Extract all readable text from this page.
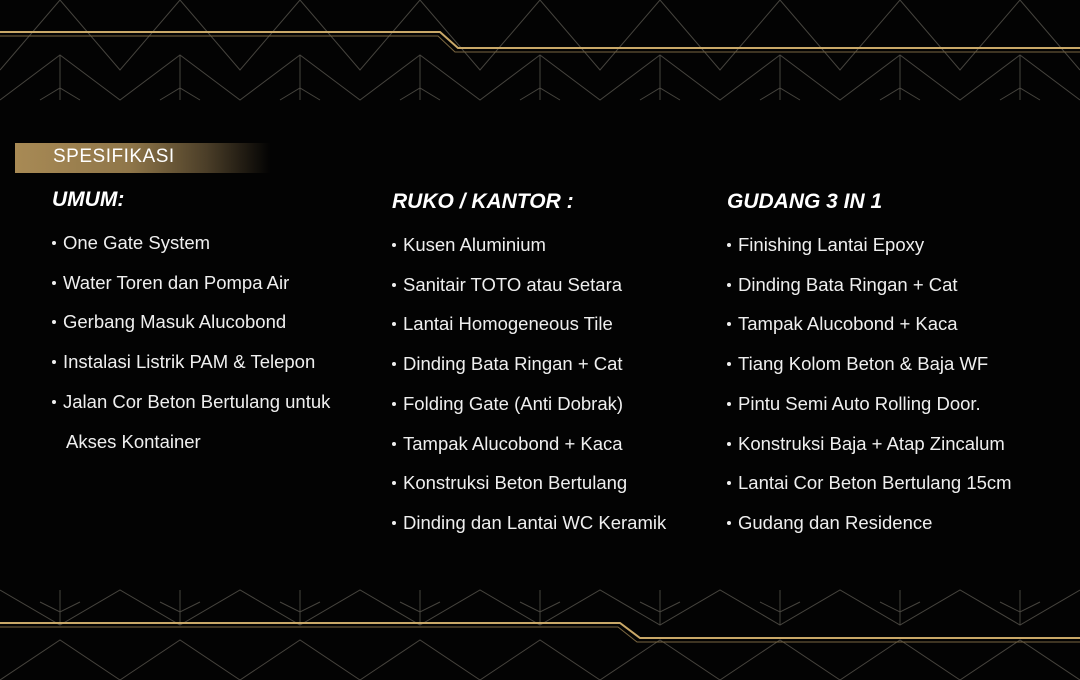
SPESIFIKASI
UMUM:
One Gate System
Water Toren dan Pompa Air
Gerbang Masuk Alucobond
Instalasi Listrik PAM & Telepon
Jalan Cor Beton Bertulang untuk
Akses Kontainer
RUKO / KANTOR :
Kusen Aluminium
Sanitair TOTO atau Setara
Lantai Homogeneous Tile
Dinding Bata Ringan + Cat
Folding Gate (Anti Dobrak)
Tampak Alucobond + Kaca
Konstruksi Beton Bertulang
Dinding dan Lantai WC Keramik
GUDANG 3 IN 1
Finishing Lantai Epoxy
Dinding Bata Ringan + Cat
Tampak Alucobond + Kaca
Tiang Kolom Beton & Baja WF
Pintu Semi Auto Rolling Door.
Konstruksi Baja + Atap Zincalum
Lantai Cor Beton Bertulang 15cm
Gudang dan Residence
